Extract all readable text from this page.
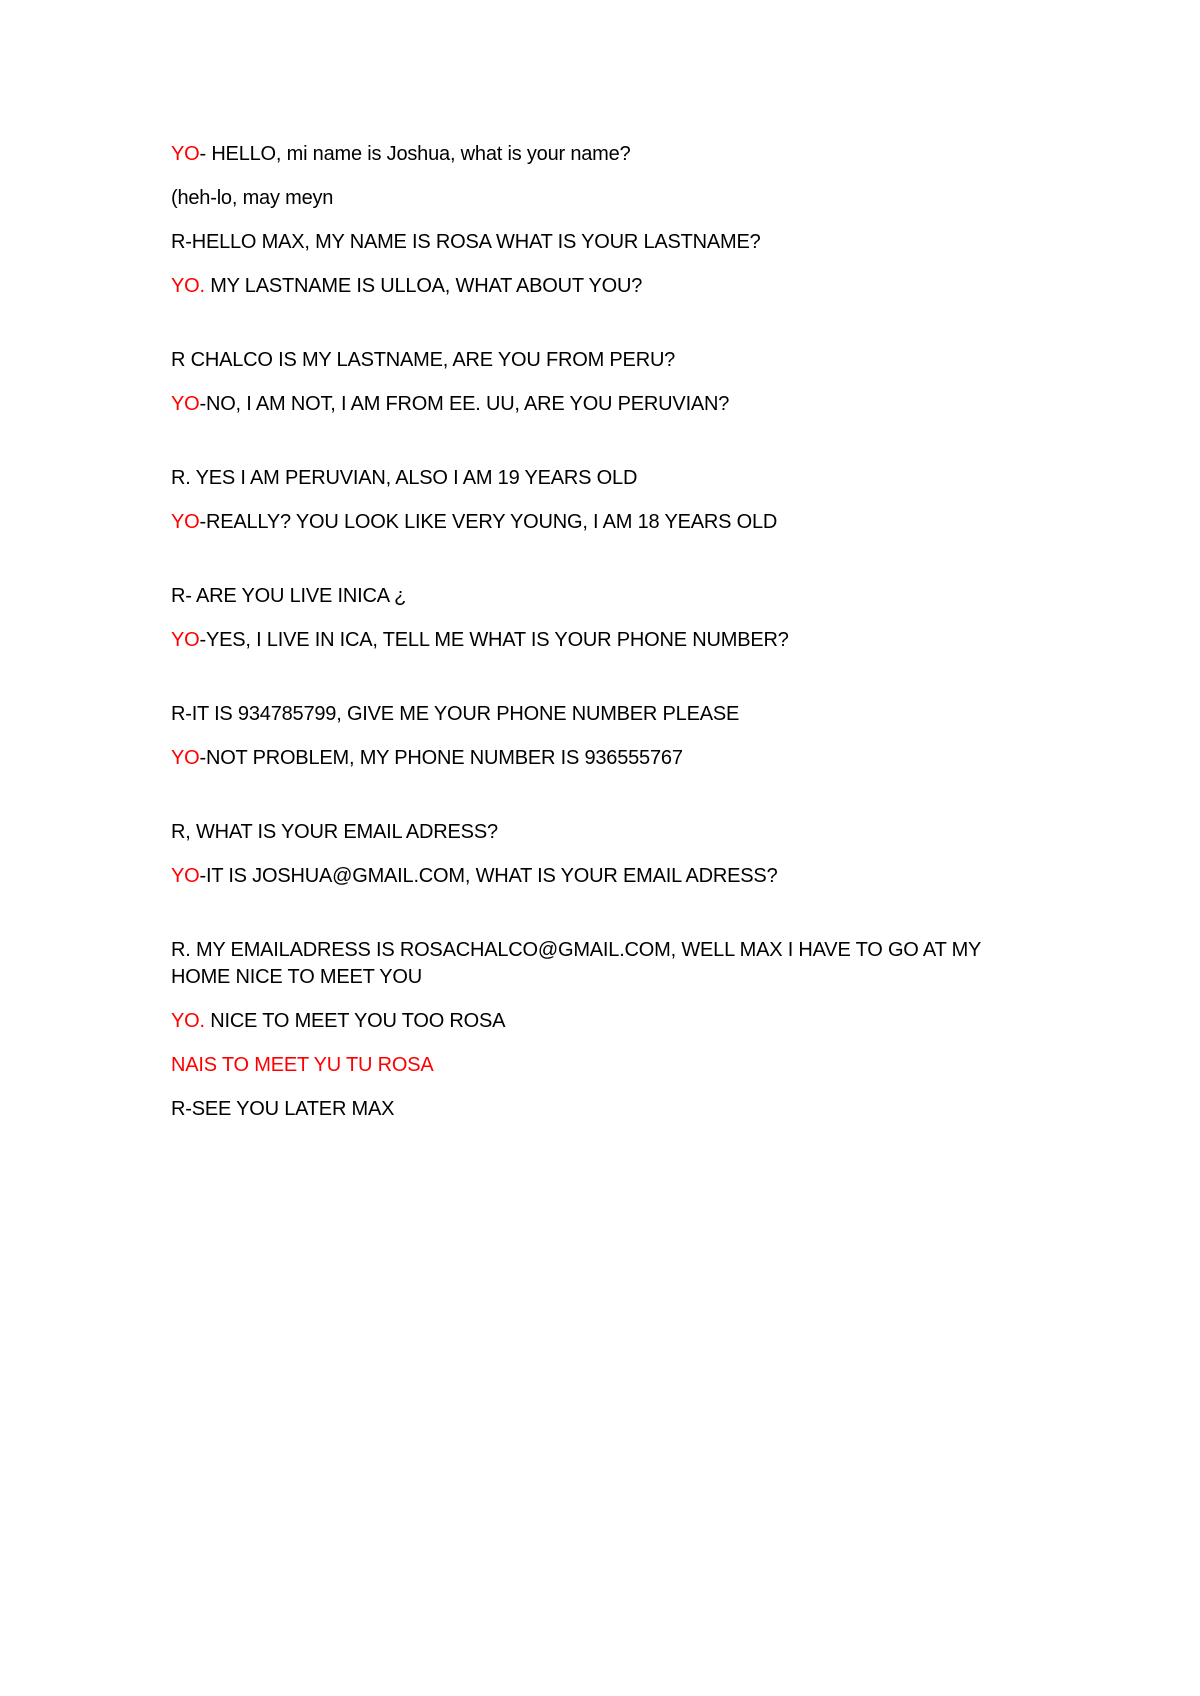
YO- HELLO, mi name is Joshua, what is your name?

(heh-lo, may meyn

R-HELLO MAX, MY NAME IS ROSA WHAT IS YOUR LASTNAME?

YO. MY LASTNAME IS ULLOA, WHAT ABOUT YOU?

R CHALCO IS MY LASTNAME, ARE YOU FROM PERU?

YO-NO, I AM NOT, I AM FROM EE. UU, ARE YOU PERUVIAN?

R. YES I AM PERUVIAN, ALSO I AM 19 YEARS OLD

YO-REALLY? YOU LOOK LIKE VERY YOUNG, I AM 18 YEARS OLD

R- ARE YOU LIVE INICA ¿

YO-YES, I LIVE IN ICA, TELL ME WHAT IS YOUR PHONE NUMBER?

R-IT IS 934785799, GIVE ME YOUR PHONE NUMBER PLEASE

YO-NOT PROBLEM, MY PHONE NUMBER IS 936555767

R, WHAT IS YOUR EMAIL ADRESS?

YO-IT IS JOSHUA@GMAIL.COM, WHAT IS YOUR EMAIL ADRESS?

R. MY EMAILADRESS IS ROSACHALCO@GMAIL.COM, WELL MAX I HAVE TO GO AT MY HOME NICE TO MEET YOU

YO. NICE TO MEET YOU TOO ROSA

NAIS TO MEET YU TU ROSA

R-SEE YOU LATER MAX
